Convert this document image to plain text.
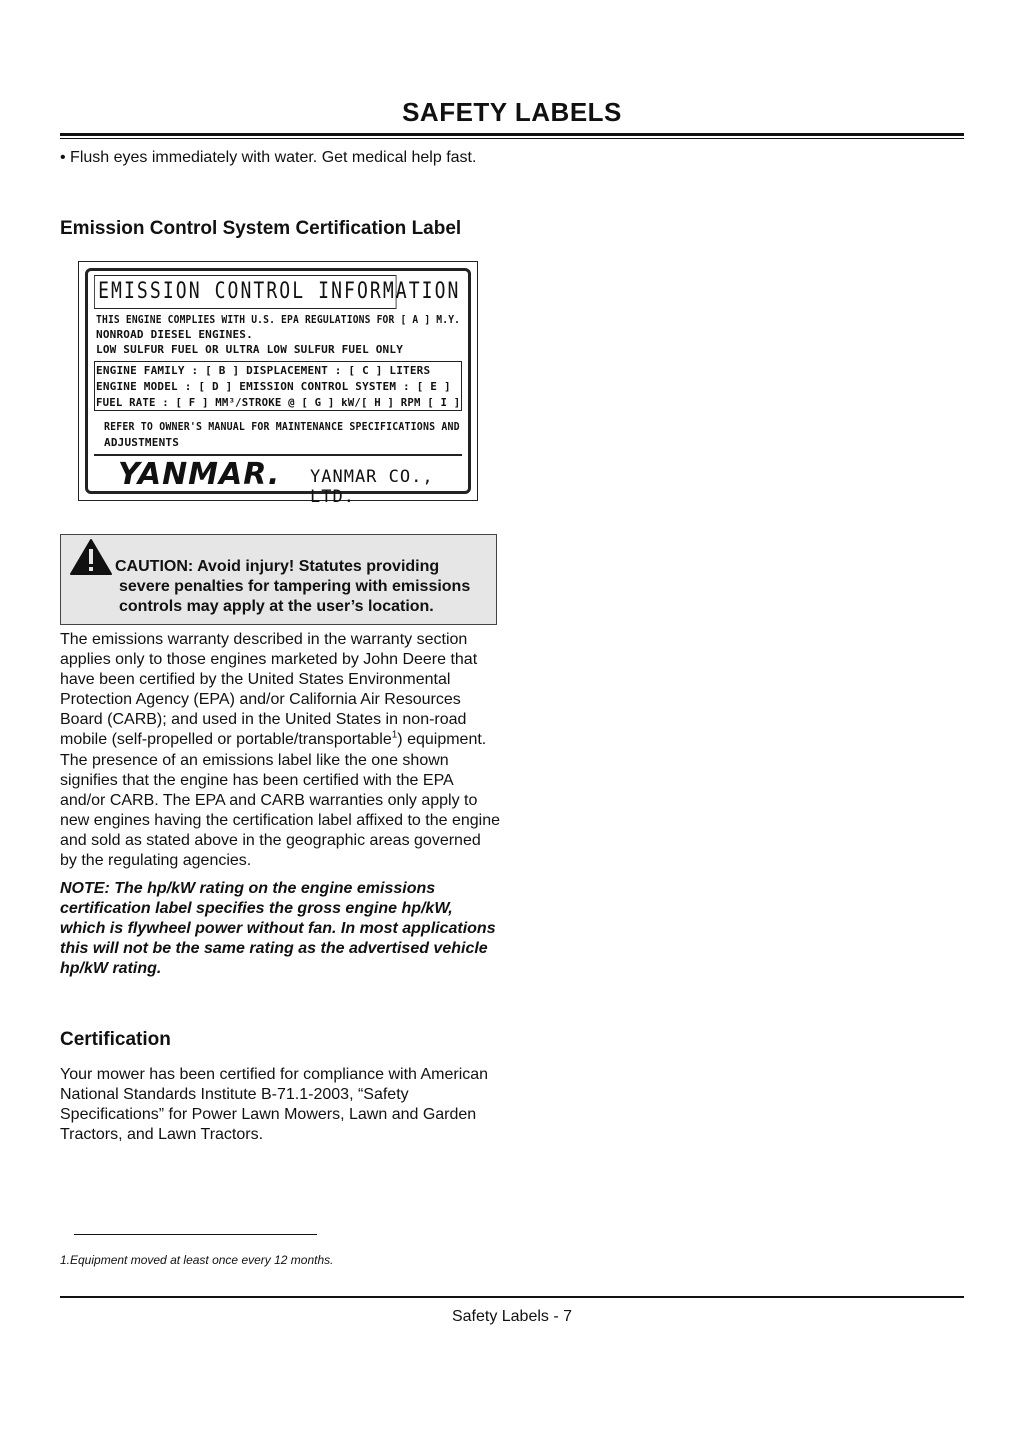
SAFETY LABELS
• Flush eyes immediately with water. Get medical help fast.
Emission Control System Certification Label
EMISSION CONTROL INFORMATION
THIS ENGINE COMPLIES WITH U.S. EPA REGULATIONS FOR [ A ] M.Y.
NONROAD DIESEL ENGINES.
LOW SULFUR FUEL OR ULTRA LOW SULFUR FUEL ONLY
ENGINE FAMILY : [ B ] DISPLACEMENT : [ C ] LITERS
ENGINE MODEL : [ D ] EMISSION CONTROL SYSTEM : [ E ]
FUEL RATE : [ F ] MM³/STROKE @ [ G ] kW/[ H ] RPM [ I ]
REFER TO OWNER'S MANUAL FOR MAINTENANCE SPECIFICATIONS AND
ADJUSTMENTS
YANMAR. YANMAR CO., LTD.
CAUTION: Avoid injury! Statutes providing
severe penalties for tampering with emissions
controls may apply at the user’s location.
The emissions warranty described in the warranty section applies only to those engines marketed by John Deere that have been certified by the United States Environmental Protection Agency (EPA) and/or California Air Resources Board (CARB); and used in the United States in non-road mobile (self-propelled or portable/transportable$^1$) equipment. The presence of an emissions label like the one shown signifies that the engine has been certified with the EPA and/or CARB. The EPA and CARB warranties only apply to new engines having the certification label affixed to the engine and sold as stated above in the geographic areas governed by the regulating agencies.
NOTE: The hp/kW rating on the engine emissions certification label specifies the gross engine hp/kW, which is flywheel power without fan. In most applications this will not be the same rating as the advertised vehicle hp/kW rating.
Certification
Your mower has been certified for compliance with American National Standards Institute B-71.1-2003, “Safety Specifications” for Power Lawn Mowers, Lawn and Garden Tractors, and Lawn Tractors.
1.Equipment moved at least once every 12 months.
Safety Labels - 7
